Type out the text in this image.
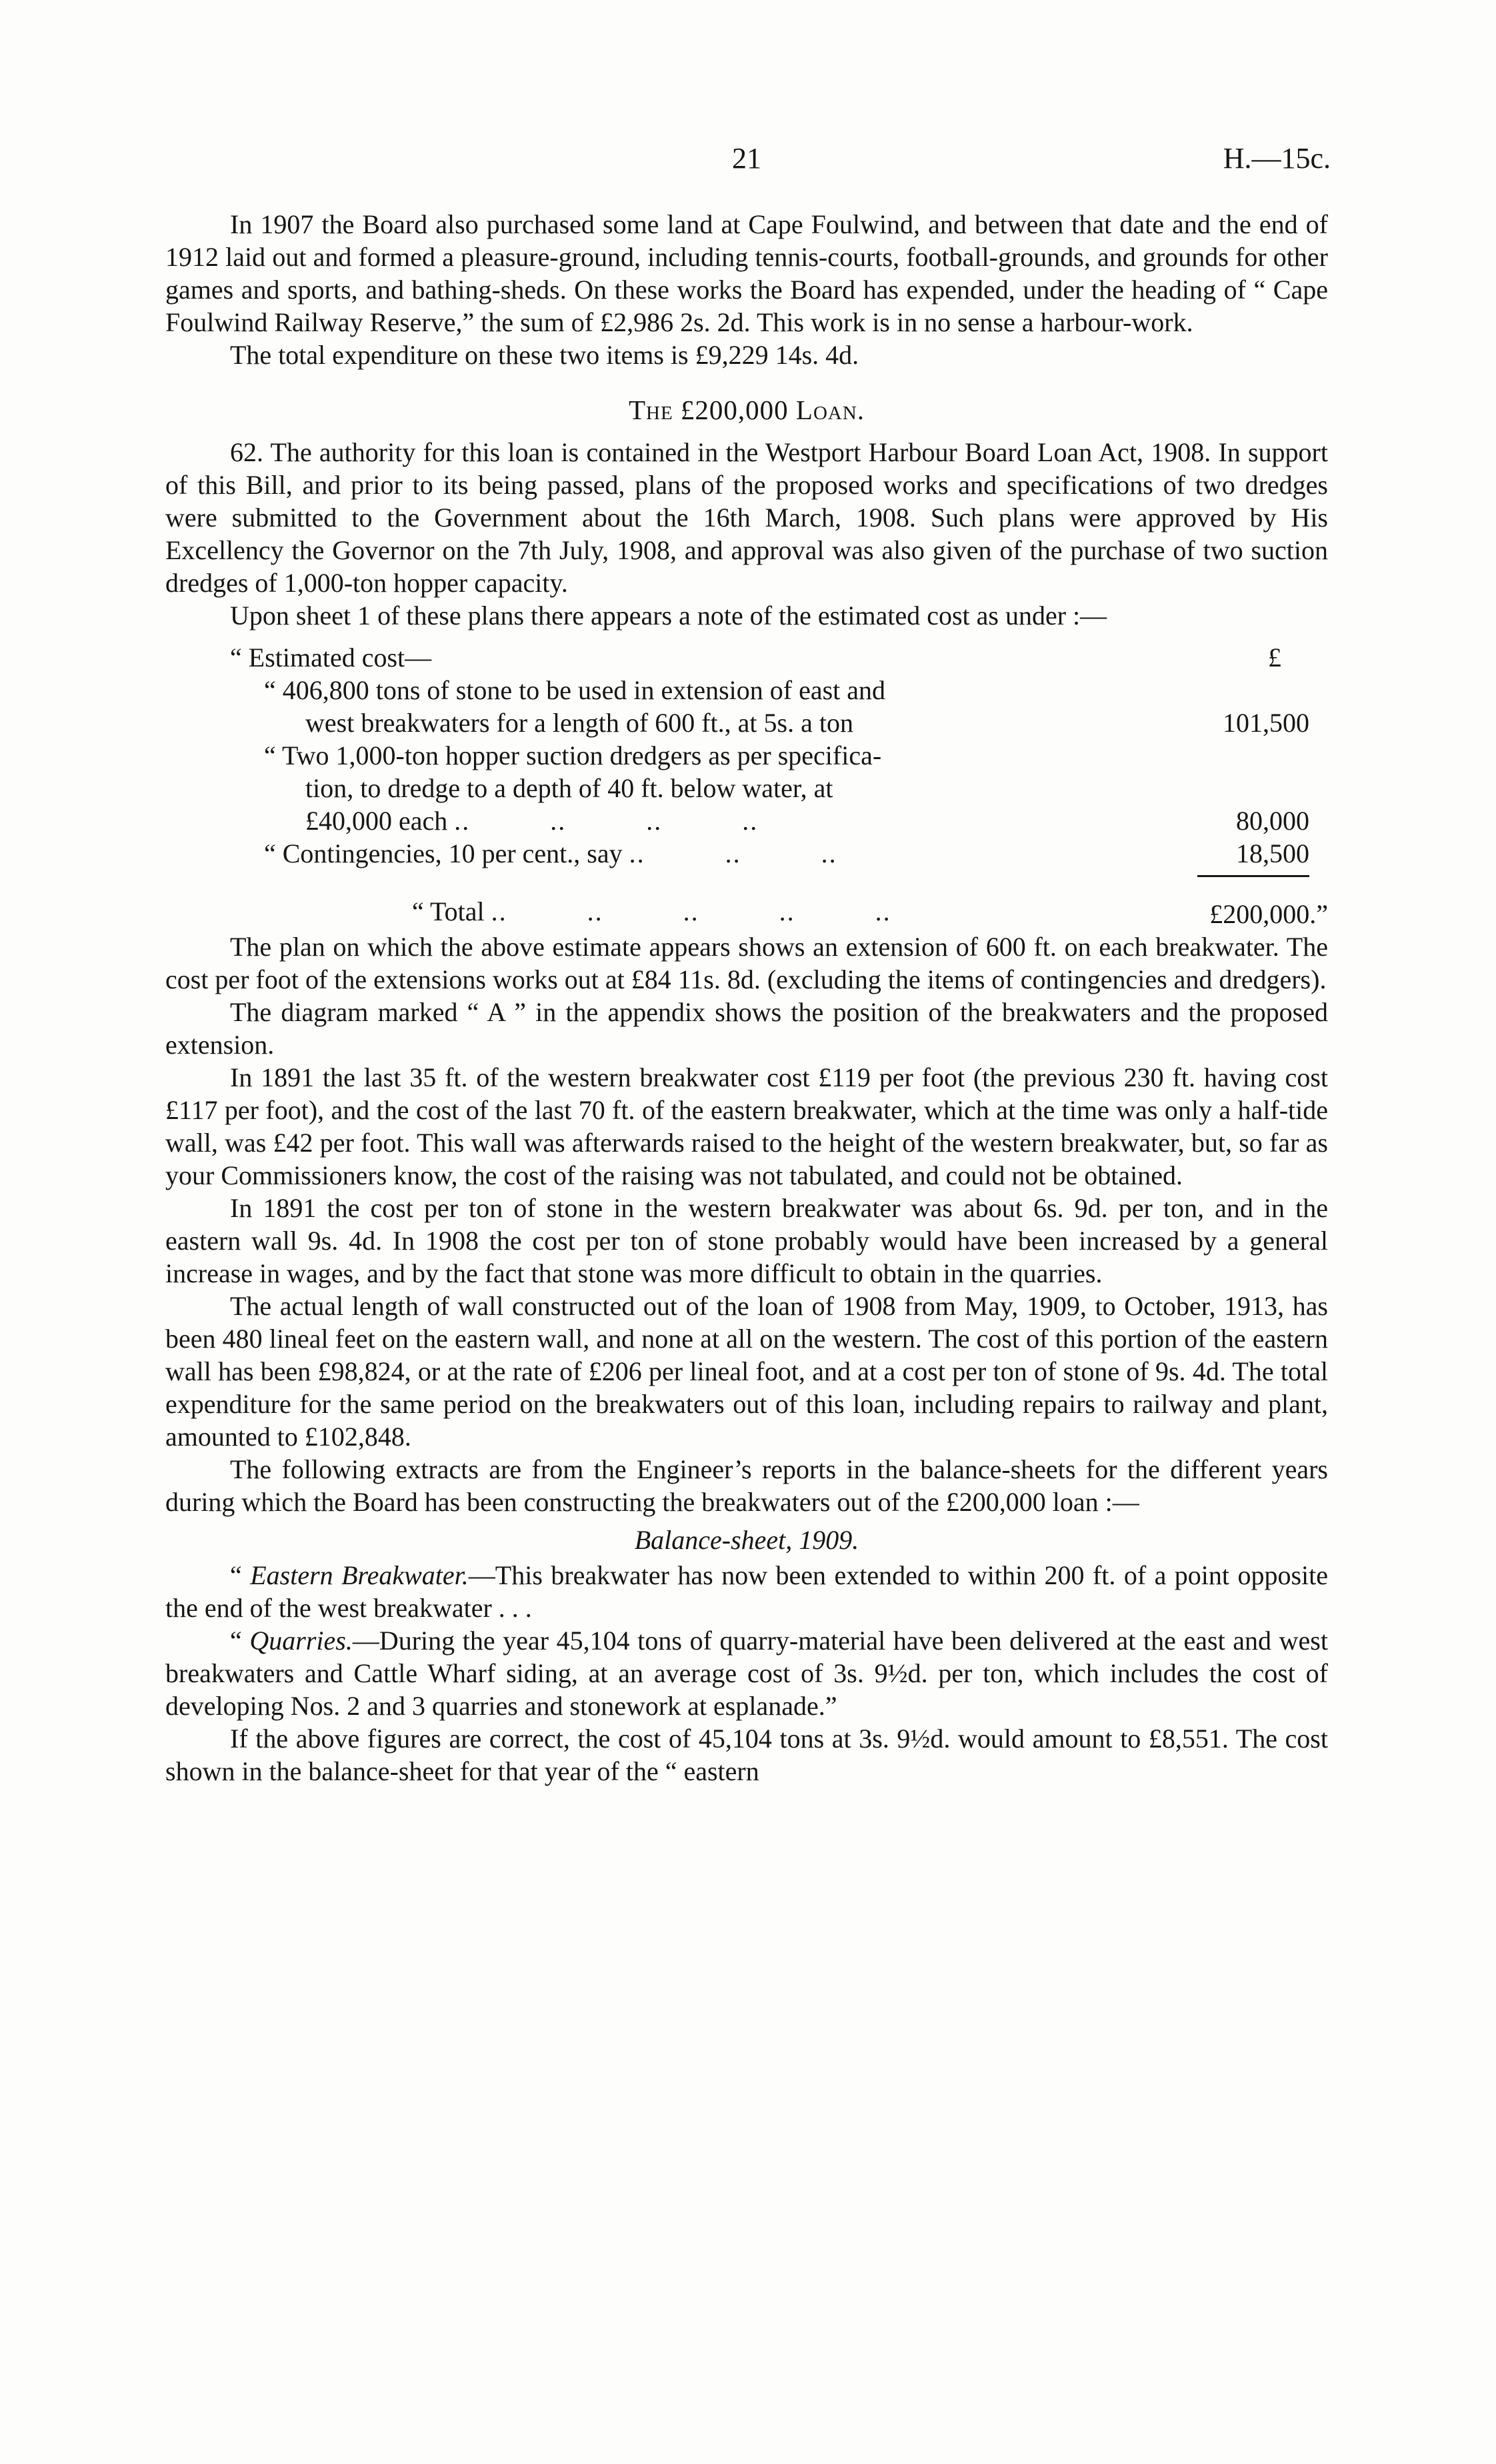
21	H.—15c.

In 1907 the Board also purchased some land at Cape Foulwind, and between that date and the end of 1912 laid out and formed a pleasure-ground, including tennis-courts, football-grounds, and grounds for other games and sports, and bathing-sheds. On these works the Board has expended, under the heading of “ Cape Foulwind Railway Reserve,” the sum of £2,986 2s. 2d. This work is in no sense a harbour-work.

The total expenditure on these two items is £9,229 14s. 4d.

The £200,000 Loan.

62. The authority for this loan is contained in the Westport Harbour Board Loan Act, 1908. In support of this Bill, and prior to its being passed, plans of the proposed works and specifications of two dredges were submitted to the Government about the 16th March, 1908. Such plans were approved by His Excellency the Governor on the 7th July, 1908, and approval was also given of the purchase of two suction dredges of 1,000-ton hopper capacity.

Upon sheet 1 of these plans there appears a note of the estimated cost as under :—

“ Estimated cost—	£
“ 406,800 tons of stone to be used in extension of east and
west breakwaters for a length of 600 ft., at 5s. a ton	101,500
“ Two 1,000-ton hopper suction dredgers as per specifica-
tion, to dredge to a depth of 40 ft. below water, at
£40,000 each ..          ..          ..          ..	80,000
“ Contingencies, 10 per cent., say ..          ..          ..	18,500
“ Total ..          ..          ..          ..          ..	£200,000.”

The plan on which the above estimate appears shows an extension of 600 ft. on each breakwater. The cost per foot of the extensions works out at £84 11s. 8d. (excluding the items of contingencies and dredgers).

The diagram marked “ A ” in the appendix shows the position of the breakwaters and the proposed extension.

In 1891 the last 35 ft. of the western breakwater cost £119 per foot (the previous 230 ft. having cost £117 per foot), and the cost of the last 70 ft. of the eastern breakwater, which at the time was only a half-tide wall, was £42 per foot. This wall was afterwards raised to the height of the western breakwater, but, so far as your Commissioners know, the cost of the raising was not tabulated, and could not be obtained.

In 1891 the cost per ton of stone in the western breakwater was about 6s. 9d. per ton, and in the eastern wall 9s. 4d. In 1908 the cost per ton of stone probably would have been increased by a general increase in wages, and by the fact that stone was more difficult to obtain in the quarries.

The actual length of wall constructed out of the loan of 1908 from May, 1909, to October, 1913, has been 480 lineal feet on the eastern wall, and none at all on the western. The cost of this portion of the eastern wall has been £98,824, or at the rate of £206 per lineal foot, and at a cost per ton of stone of 9s. 4d. The total expenditure for the same period on the breakwaters out of this loan, including repairs to railway and plant, amounted to £102,848.

The following extracts are from the Engineer’s reports in the balance-sheets for the different years during which the Board has been constructing the breakwaters out of the £200,000 loan :—

Balance-sheet, 1909.

“ Eastern Breakwater.—This breakwater has now been extended to within 200 ft. of a point opposite the end of the west breakwater . . .

“ Quarries.—During the year 45,104 tons of quarry-material have been delivered at the east and west breakwaters and Cattle Wharf siding, at an average cost of 3s. 9½d. per ton, which includes the cost of developing Nos. 2 and 3 quarries and stonework at esplanade.”

If the above figures are correct, the cost of 45,104 tons at 3s. 9½d. would amount to £8,551. The cost shown in the balance-sheet for that year of the “ eastern
